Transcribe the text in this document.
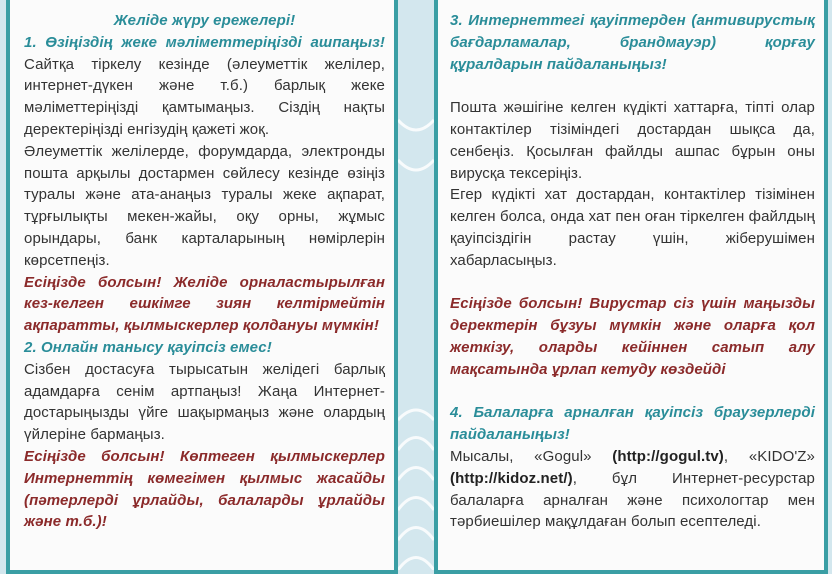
Желіде жүру ережелері!

1. Өзіңіздің жеке мәліметтеріңізді ашпаңыз! Сайтқа тіркелу кезінде (әлеуметтік желілер, интернет-дүкен және т.б.) барлық жеке мәліметтеріңізді қамтымаңыз. Сіздің нақты деректеріңізді енгізудің қажеті жоқ.

Әлеуметтік желілерде, форумдарда, электронды пошта арқылы достармен сөйлесу кезінде өзіңіз туралы және ата-анаңыз туралы жеке ақпарат, тұрғылықты мекен-жайы, оқу орны, жұмыс орындары, банк карталарының нөмірлерін көрсетпеңіз.

Есіңізде болсын! Желіде орналастырылған кез-келген ешкімге зиян келтірмейтін ақпаратты, қылмыскерлер қолдануы мүмкін!

2. Онлайн танысу қауіпсіз емес!

Сізбен достасуға тырысатын желідегі барлық адамдарға сенім артпаңыз! Жаңа Интернет-достарыңызды үйге шақырмаңыз және олардың үйлеріне бармаңыз.

Есіңізде болсын! Көптеген қылмыскерлер Интернеттің көмегімен қылмыс жасайды (пәтерлерді ұрлайды, балаларды ұрлайды және т.б.)!

3. Интернеттегі қауіптерден (антивирустық бағдарламалар, брандмауэр) қорғау құралдарын пайдаланыңыз!

Пошта жәшігіне келген күдікті хаттарға, тіпті олар контактілер тізіміндегі достардан шықса да, сенбеңіз. Қосылған файлды ашпас бұрын оны вирусқа тексеріңіз.

Егер күдікті хат достардан, контактілер тізімінен келген болса, онда хат пен оған тіркелген файлдың қауіпсіздігін растау үшін, жіберушімен хабарласыңыз.

Есіңізде болсын! Вирустар сіз үшін маңызды деректерін бұзуы мүмкін және оларға қол жеткізу, оларды кейіннен сатып алу мақсатында ұрлап кетуду көздейді

4. Балаларға арналған қауіпсіз браузерлерді пайдаланыңыз!

Мысалы, «Gogul» (http://gogul.tv), «KIDO'Z» (http://kidoz.net/), бұл Интернет-ресурстар балаларға арналған және психологтар мен тәрбиешілер мақұлдаған болып есептеледі.
